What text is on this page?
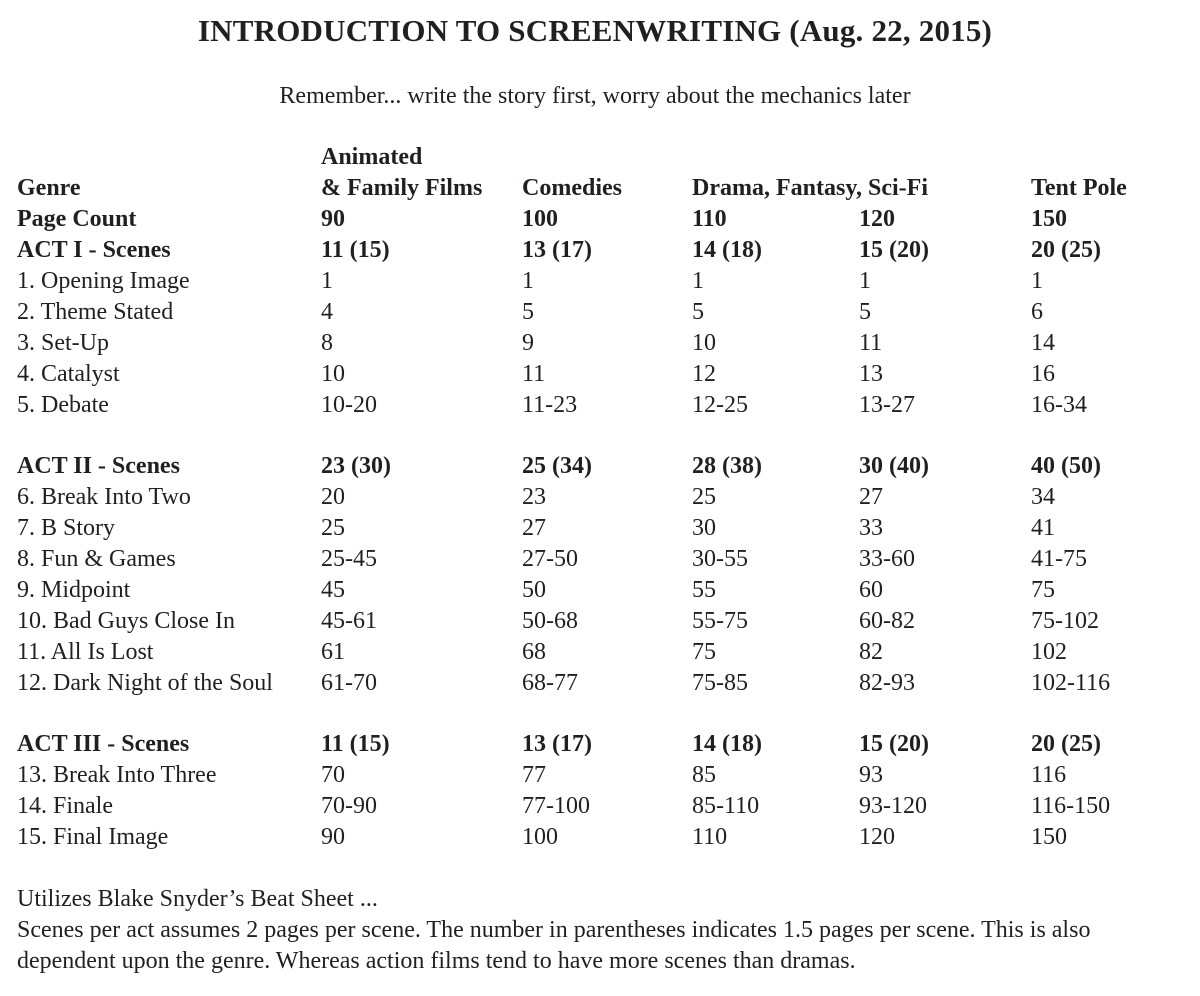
INTRODUCTION TO SCREENWRITING (Aug. 22, 2015)
Remember... write the story first, worry about the mechanics later
Animated
Genre	& Family Films	Comedies	Drama, Fantasy, Sci-Fi		Tent Pole
Page Count	90	100	110	120	150
ACT I - Scenes	11 (15)	13 (17)	14 (18)	15 (20)	20 (25)
1. Opening Image	1	1	1	1	1
2. Theme Stated	4	5	5	5	6
3. Set-Up	8	9	10	11	14
4. Catalyst	10	11	12	13	16
5. Debate	10-20	11-23	12-25	13-27	16-34

ACT II - Scenes	23 (30)	25 (34)	28 (38)	30 (40)	40 (50)
6. Break Into Two	20	23	25	27	34
7. B Story	25	27	30	33	41
8. Fun & Games	25-45	27-50	30-55	33-60	41-75
9. Midpoint	45	50	55	60	75
10. Bad Guys Close In	45-61	50-68	55-75	60-82	75-102
11. All Is Lost	61	68	75	82	102
12. Dark Night of the Soul	61-70	68-77	75-85	82-93	102-116

ACT III - Scenes	11 (15)	13 (17)	14 (18)	15 (20)	20 (25)
13. Break Into Three	70	77	85	93	116
14. Finale	70-90	77-100	85-110	93-120	116-150
15. Final Image	90	100	110	120	150
Utilizes Blake Snyder’s Beat Sheet ...
Scenes per act assumes 2 pages per scene. The number in parentheses indicates 1.5 pages per scene. This is also
dependent upon the genre. Whereas action films tend to have more scenes than dramas.
